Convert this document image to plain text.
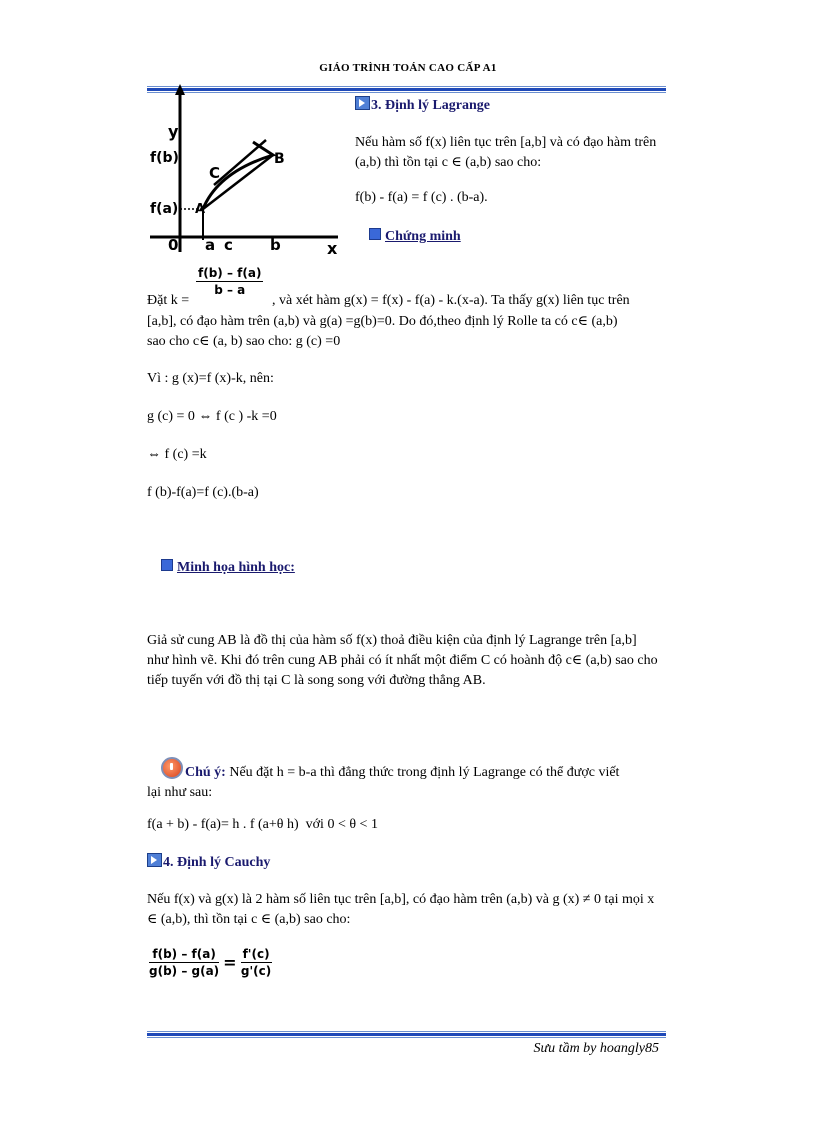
GIÁO TRÌNH TOÁN CAO CẤP A1
y
f(b)
f(a) A
B
C
0 a c b	x
3. Định lý Lagrange
Nếu hàm số f(x) liên tục trên [a,b] và có đạo hàm trên (a,b) thì tồn tại c ∈ (a,b) sao cho:
f(b) - f(a) = f (c) . (b-a).
Chứng minh
$\frac{f(b) - f(a)}{b - a}$
Đặt k =	, và xét hàm g(x) = f(x) - f(a) - k.(x-a). Ta thấy g(x) liên tục trên
[a,b], có đạo hàm trên (a,b) và g(a) =g(b)=0. Do đó,theo định lý Rolle ta có c∈ (a,b)
sao cho c∈ (a, b) sao cho: g (c) =0
Vì : g (x)=f (x)-k, nên:
g (c) = 0 ⇔ f (c ) -k =0
⇔ f (c) =k
f (b)-f(a)=f (c).(b-a)
Minh họa hình học:
Giả sử cung AB là đồ thị của hàm số f(x) thoả điều kiện của định lý Lagrange trên [a,b] như hình vẽ. Khi đó trên cung AB phải có ít nhất một điểm C có hoành độ c∈ (a,b) sao cho tiếp tuyến với đồ thị tại C là song song với đường thẳng AB.
Chú ý: Nếu đặt h = b-a thì đẳng thức trong định lý Lagrange có thể được viết
lại như sau:
f(a + b) - f(a)= h . f (a+θ h)  với 0 < θ < 1
4. Định lý Cauchy
Nếu f(x) và g(x) là 2 hàm số liên tục trên [a,b], có đạo hàm trên (a,b) và g (x) ≠ 0 tại mọi x ∈ (a,b), thì tồn tại c ∈ (a,b) sao cho:
$\frac{f(b) - f(a)}{g(b) - g(a)} = \frac{f'(c)}{g'(c)}$
Sưu tầm by hoangly85
